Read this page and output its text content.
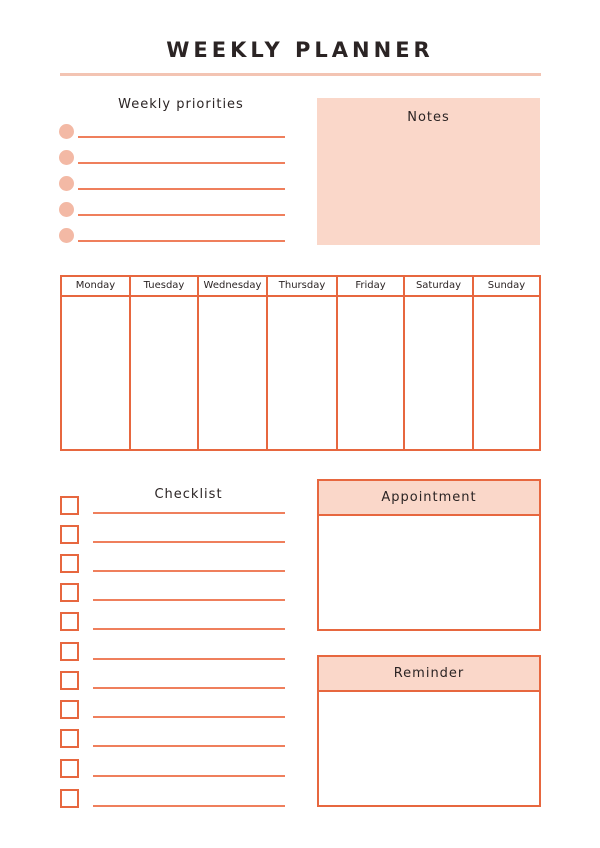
WEEKLY PLANNER
Weekly priorities
Notes
Monday	Tuesday	Wednesday	Thursday	Friday	Saturday	Sunday
Checklist	Appointment
Reminder
